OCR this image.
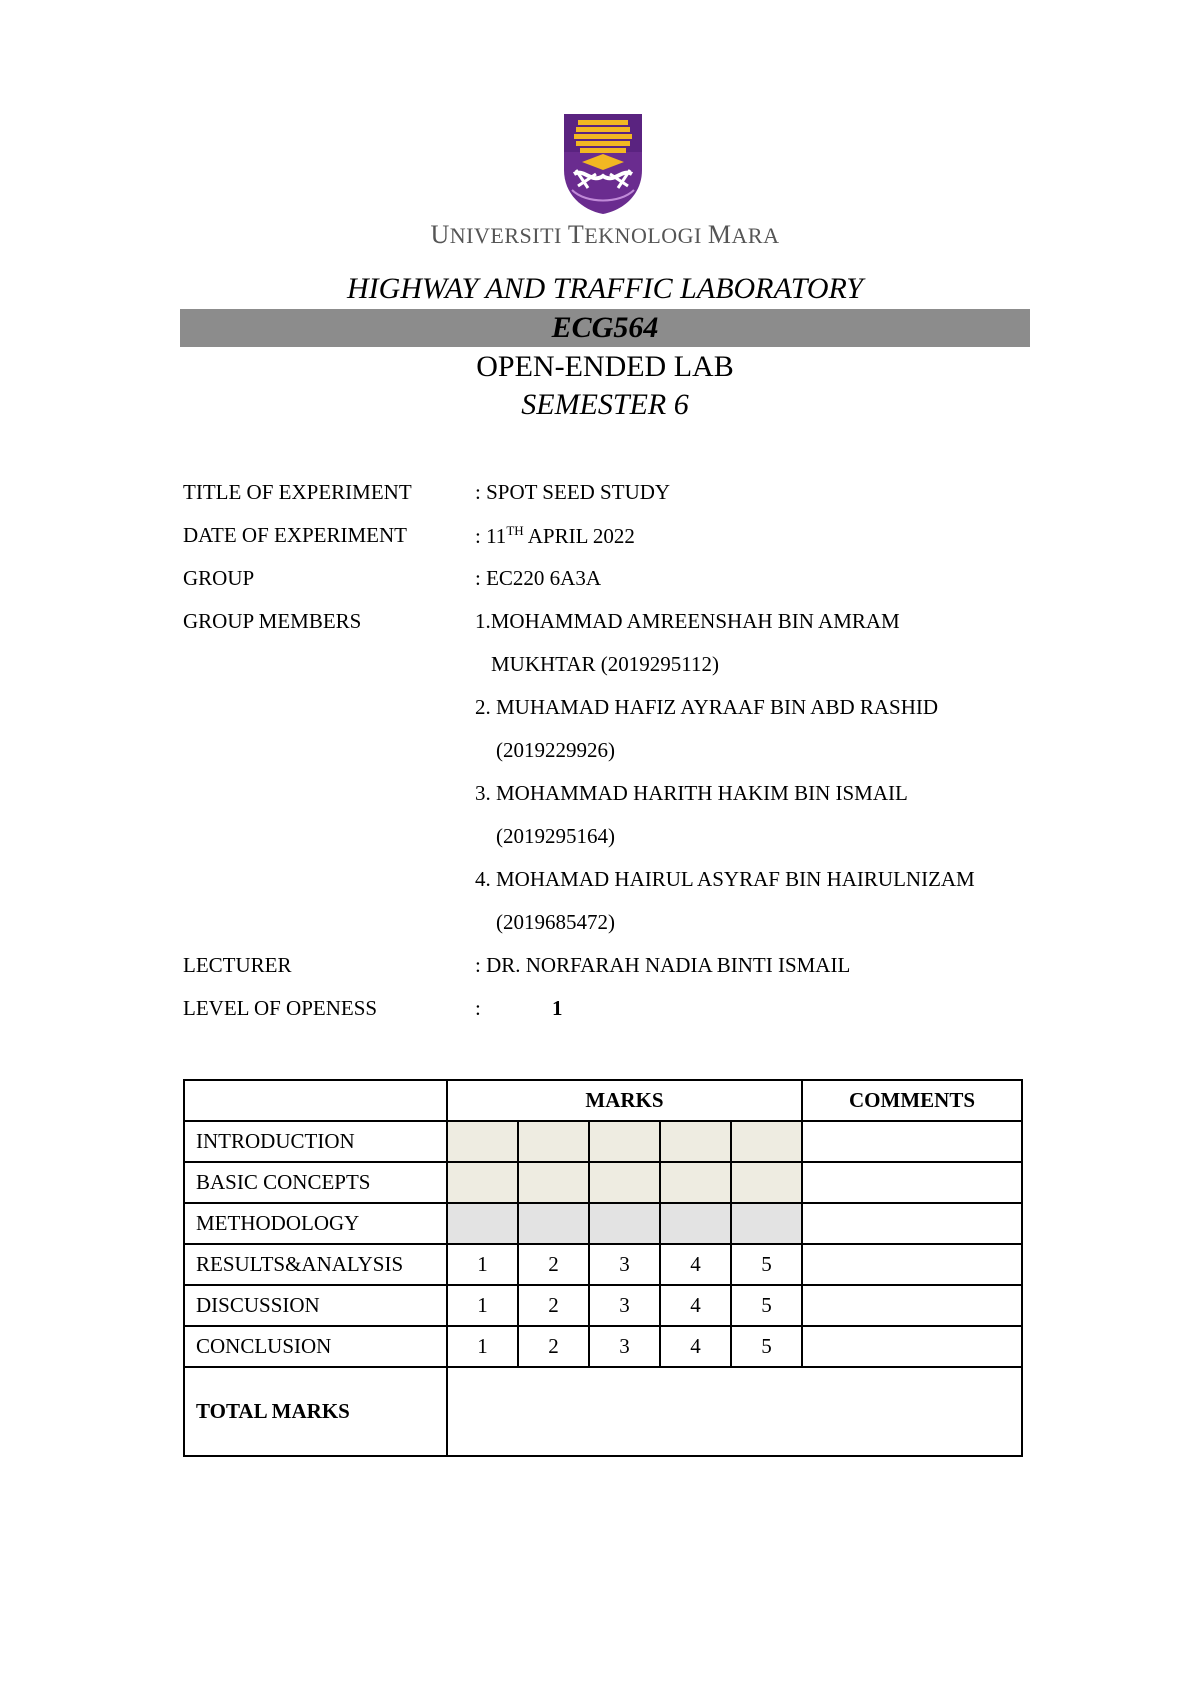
UNIVERSITI TEKNOLOGI MARA
HIGHWAY AND TRAFFIC LABORATORY
ECG564
OPEN-ENDED LAB
SEMESTER 6
TITLE OF EXPERIMENT	: SPOT SEED STUDY
DATE OF EXPERIMENT	: 11TH APRIL 2022
GROUP	: EC220 6A3A
GROUP MEMBERS	1.MOHAMMAD AMREENSHAH BIN AMRAM
MUKHTAR (2019295112)
2. MUHAMAD HAFIZ AYRAAF BIN ABD RASHID
(2019229926)
3. MOHAMMAD HARITH HAKIM BIN ISMAIL
(2019295164)
4. MOHAMAD HAIRUL ASYRAF BIN HAIRULNIZAM
(2019685472)
LECTURER	: DR. NORFARAH NADIA BINTI ISMAIL
LEVEL OF OPENESS	:	1
	MARKS					COMMENTS
INTRODUCTION						
BASIC CONCEPTS						
METHODOLOGY						
RESULTS&ANALYSIS	1	2	3	4	5	
DISCUSSION	1	2	3	4	5	
CONCLUSION	1	2	3	4	5	
TOTAL MARKS						
